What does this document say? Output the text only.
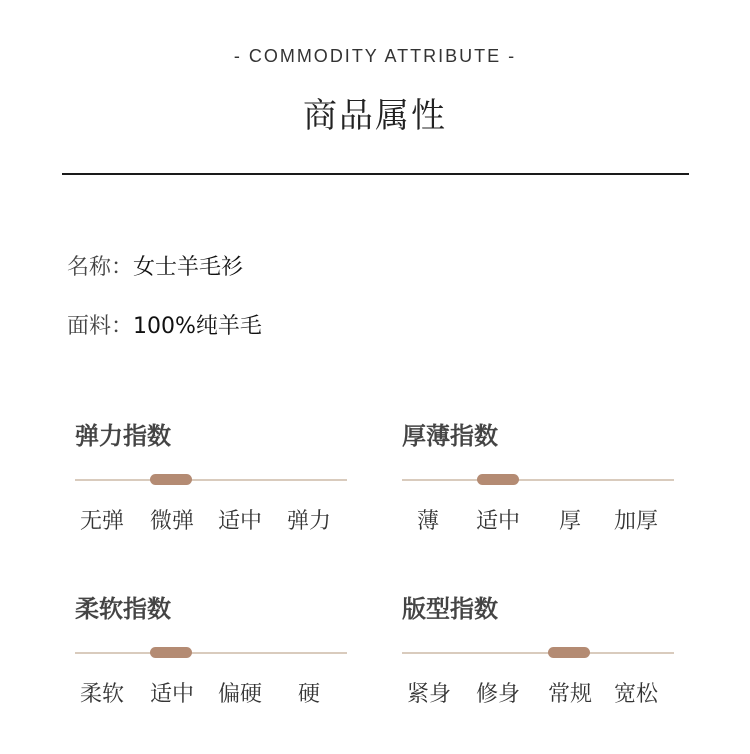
- COMMODITY ATTRIBUTE -
商品属性
名称：女士羊毛衫
面料：100%纯羊毛
弹力指数
无弹 微弹 适中 弹力
厚薄指数
薄 适中 厚 加厚
柔软指数
柔软 适中 偏硬 硬
版型指数
紧身 修身 常规 宽松
